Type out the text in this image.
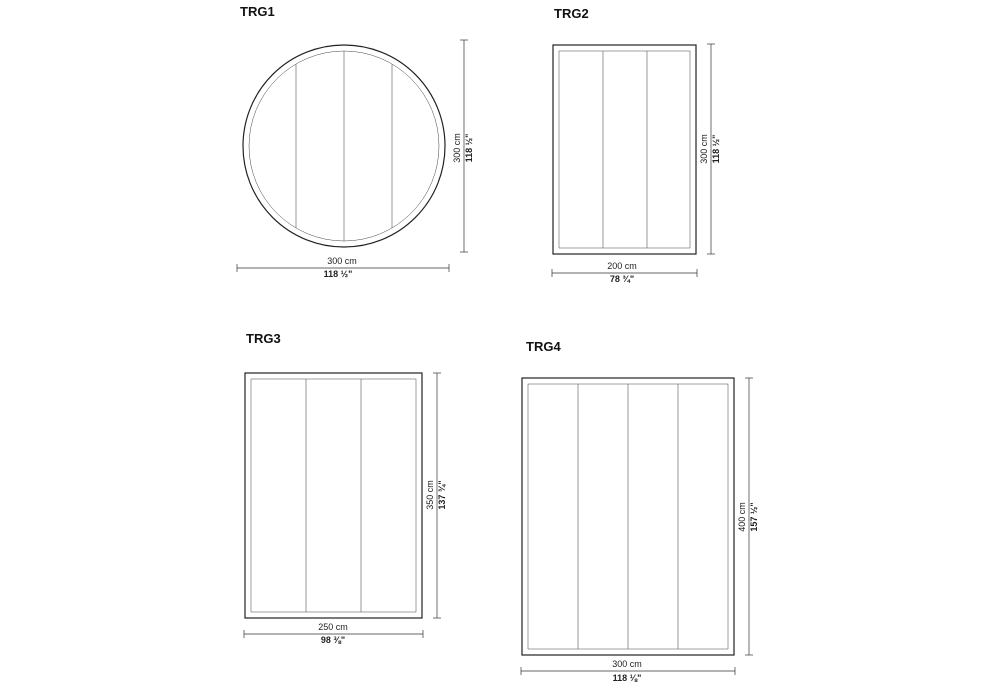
TRG1
300 cm 118 ½"
300 cm
118 ½"
TRG2
300 cm 118 ½"
200 cm
78 ¾"
TRG3
350 cm 137 ¾"
250 cm
98 ⅜"
TRG4
400 cm 157 ½"
300 cm
118 ⅛"
